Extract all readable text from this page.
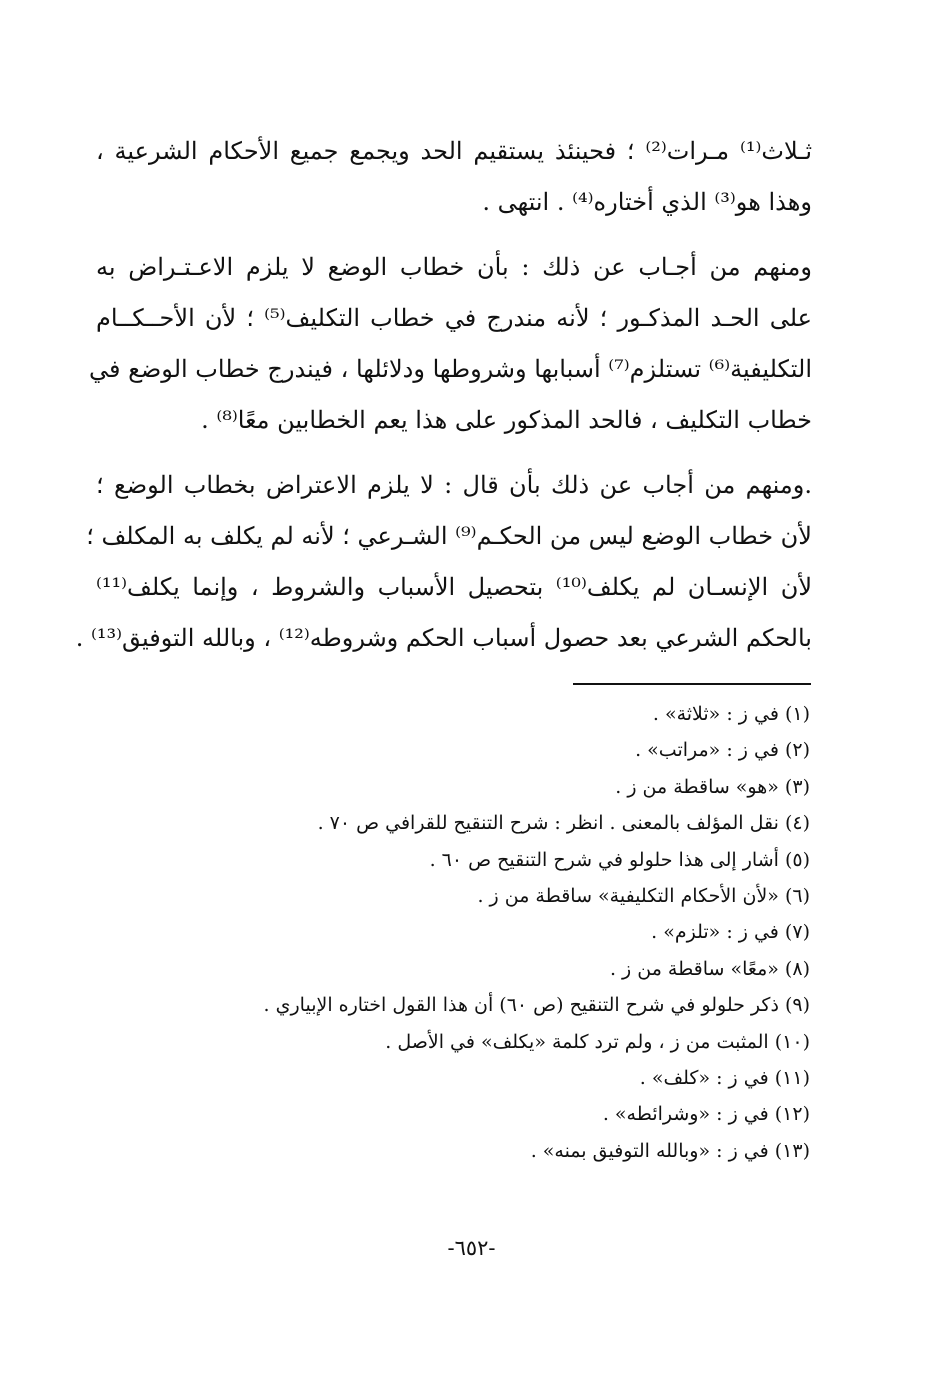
ثـلاث⁽¹⁾ مـرات⁽²⁾ ؛ فحينئذ يستقيم الحد ويجمع جميع الأحكام الشرعية ،
وهذا هو⁽³⁾ الذي أختاره⁽⁴⁾ . انتهى .
ومنهم من أجـاب عن ذلك : بأن خطاب الوضع لا يلزم الاعـتـراض به
على الحـد المذكـور ؛ لأنه مندرج في خطاب التكليف⁽⁵⁾ ؛ لأن الأحــكــام
التكليفية⁽⁶⁾ تستلزم⁽⁷⁾ أسبابها وشروطها ودلائلها ، فيندرج خطاب الوضع في
خطاب التكليف ، فالحد المذكور على هذا يعم الخطابين معًا⁽⁸⁾ .
.ومنهم من أجاب عن ذلك بأن قال : لا يلزم الاعتراض بخطاب الوضع ؛
لأن خطاب الوضع ليس من الحكـم⁽⁹⁾ الشـرعي ؛ لأنه لم يكلف به المكلف ؛
لأن الإنسـان لم يكلف⁽¹⁰⁾ بتحصيل الأسباب والشروط ، وإنما يكلف⁽¹¹⁾
بالحكم الشرعي بعد حصول أسباب الحكم وشروطه⁽¹²⁾ ، وبالله التوفيق⁽¹³⁾ .
(١) في ز : «ثلاثة» .
(٢) في ز : «مراتب» .
(٣) «هو» ساقطة من ز .
(٤) نقل المؤلف بالمعنى . انظر : شرح التنقيح للقرافي ص ٧٠ .
(٥) أشار إلى هذا حلولو في شرح التنقيح ص ٦٠ .
(٦) «لأن الأحكام التكليفية» ساقطة من ز .
(٧) في ز : «تلزم» .
(٨) «معًا» ساقطة من ز .
(٩) ذكر حلولو في شرح التنقيح (ص ٦٠) أن هذا القول اختاره الإبياري .
(١٠) المثبت من ز ، ولم ترد كلمة «يكلف» في الأصل .
(١١) في ز : «كلف» .
(١٢) في ز : «وشرائطه» .
(١٣) في ز : «وبالله التوفيق بمنه» .
-٦٥٢-
